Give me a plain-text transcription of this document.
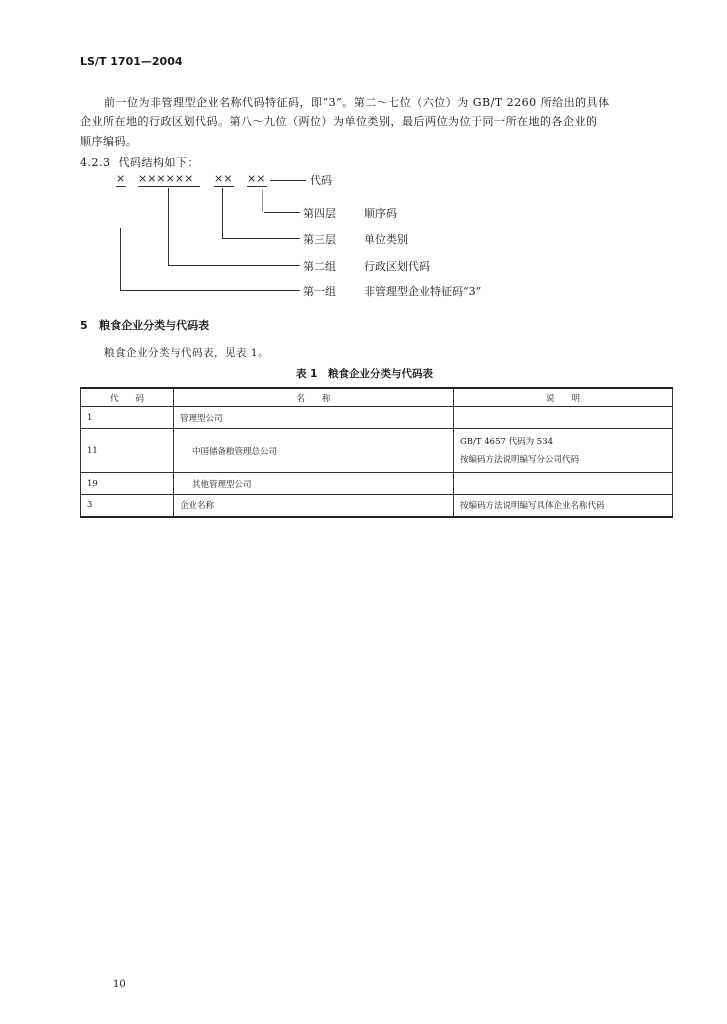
LS/T 1701—2004
前一位为非管理型企业名称代码特征码，即“3”。第二～七位（六位）为 GB/T 2260 所给出的具体
企业所在地的行政区划代码。第八～九位（两位）为单位类别，最后两位为位于同一所在地的各企业的
顺序编码。
4.2.3 代码结构如下：
× ×××××× ×× ××	代码
第四层	顺序码
第三层	单位类别
第二组	行政区划代码
第一组	非管理型企业特征码“3”
5 粮食企业分类与代码表
粮食企业分类与代码表，见表 1。
表 1　粮食企业分类与代码表
代　　码	名　　称	说　　明
1	管理型公司	
11	中国储备粮管理总公司	GB/T 4657 代码为 534
按编码方法说明编写分公司代码

19	其他管理型公司	
3	企业名称	按编码方法说明编写具体企业名称代码
10
